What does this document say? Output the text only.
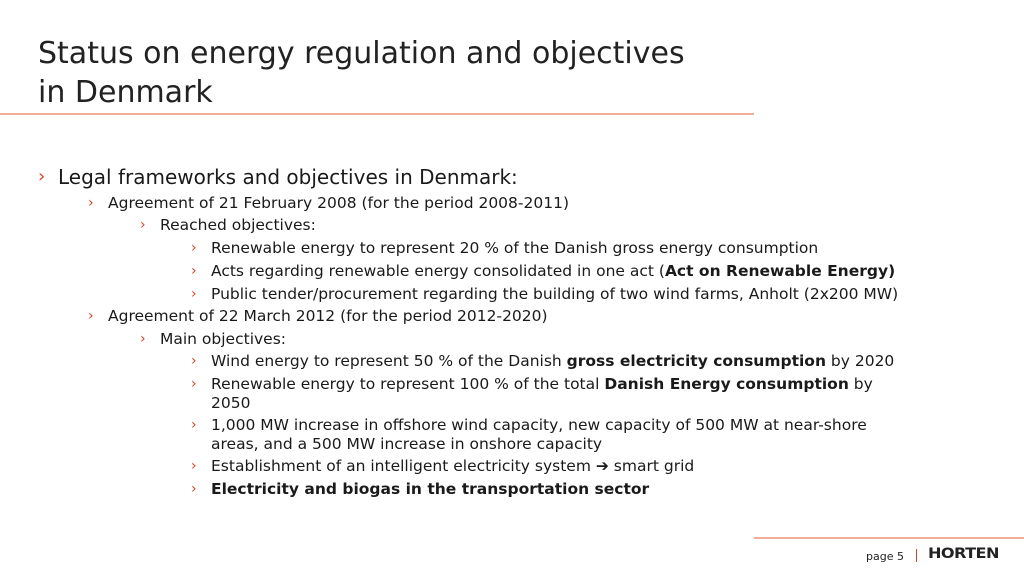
Status on energy regulation and objectives
in Denmark
› Legal frameworks and objectives in Denmark:
› Agreement of 21 February 2008 (for the period 2008-2011)
› Reached objectives:
› Renewable energy to represent 20 % of the Danish gross energy consumption
› Acts regarding renewable energy consolidated in one act (Act on Renewable Energy)
› Public tender/procurement regarding the building of two wind farms, Anholt (2x200 MW)
› Agreement of 22 March 2012 (for the period 2012-2020)
› Main objectives:
› Wind energy to represent 50 % of the Danish gross electricity consumption by 2020
› Renewable energy to represent 100 % of the total Danish Energy consumption by
2050
› 1,000 MW increase in offshore wind capacity, new capacity of 500 MW at near-shore
areas, and a 500 MW increase in onshore capacity
› Establishment of an intelligent electricity system ➔ smart grid
› Electricity and biogas in the transportation sector
page 5 HORTEN
